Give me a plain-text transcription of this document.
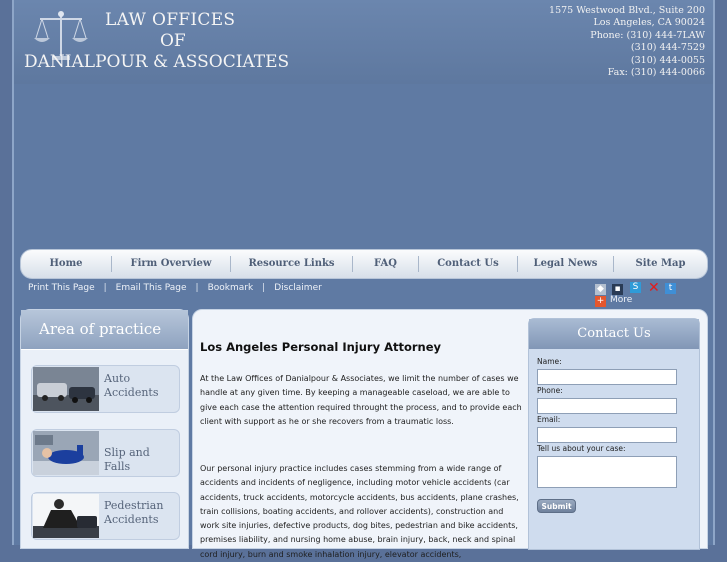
LAW OFFICES
OF
DANIALPOUR & ASSOCIATES
1575 Westwood Blvd., Suite 200
Los Angeles, CA 90024
Phone: (310) 444-7LAW
(310) 444-7529
(310) 444-0055
Fax: (310) 444-0066
Home	Firm Overview	Resource Links	FAQ	Contact Us	Legal News	Site Map
Print This Page | Email This Page | Bookmark | Disclaimer	◆ ▪ S ✕	t
+ More
Area of practice
Auto Accidents
Slip and Falls
Pedestrian Accidents
Los Angeles Personal Injury Attorney

At the Law Offices of Danialpour & Associates, we limit the number of cases we handle at any given time. By keeping a manageable caseload, we are able to give each case the attention required throught the process, and to provide each client with support as he or she recovers from a traumatic loss.

Our personal injury practice includes cases stemming from a wide range of accidents and incidents of negligence, including motor vehicle accidents (car accidents, truck accidents, motorcycle accidents, bus accidents, plane crashes, train collisions, boating accidents, and rollover accidents), construction and work site injuries, defective products, dog bites, pedestrian and bike accidents, premises liability, and nursing home abuse, brain injury, back, neck and spinal cord injury, burn and smoke inhalation injury, elevator accidents,

Contact Us
Name:
Phone:
Email:
Tell us about your case:
Submit
